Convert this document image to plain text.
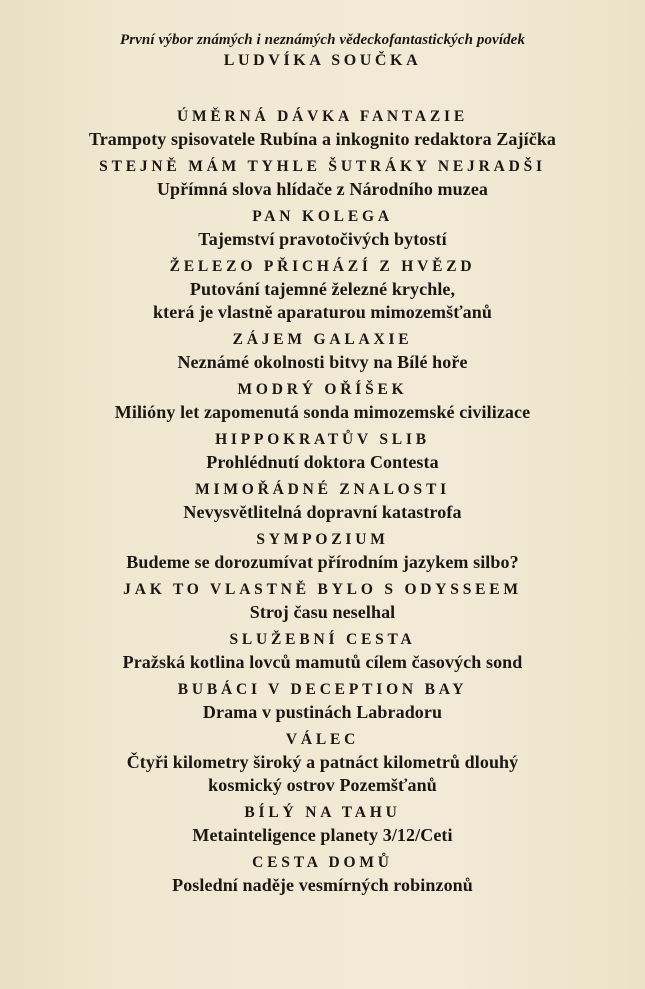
První výbor známých i neznámých vědeckofantastických povídek
LUDVÍKA SOUČKA
ÚMĚRNÁ DÁVKA FANTAZIE
Trampoty spisovatele Rubína a inkognito redaktora Zajíčka
STEJNĚ MÁM TYHLE ŠUTRÁKY NEJRADŠI
Upřímná slova hlídače z Národního muzea
PAN KOLEGA
Tajemství pravotočivých bytostí
ŽELEZO PŘICHÁZÍ Z HVĚZD
Putování tajemné železné krychle,
která je vlastně aparaturou mimozemšťanů
ZÁJEM GALAXIE
Neznámé okolnosti bitvy na Bílé hoře
MODRÝ OŘÍŠEK
Milióny let zapomenutá sonda mimozemské civilizace
HIPPOKRATŮV SLIB
Prohlédnutí doktora Contesta
MIMOŘÁDNÉ ZNALOSTI
Nevysvětlitelná dopravní katastrofa
SYMPOZIUM
Budeme se dorozumívat přírodním jazykem silbo?
JAK TO VLASTNĚ BYLO S ODYSSEEM
Stroj času neselhal
SLUŽEBNÍ CESTA
Pražská kotlina lovců mamutů cílem časových sond
BUBÁCI V DECEPTION BAY
Drama v pustinách Labradoru
VÁLEC
Čtyři kilometry široký a patnáct kilometrů dlouhý
kosmický ostrov Pozemšťanů
BÍLÝ NA TAHU
Metainteligence planety 3/12/Ceti
CESTA DOMŮ
Poslední naděje vesmírných robinzonů
